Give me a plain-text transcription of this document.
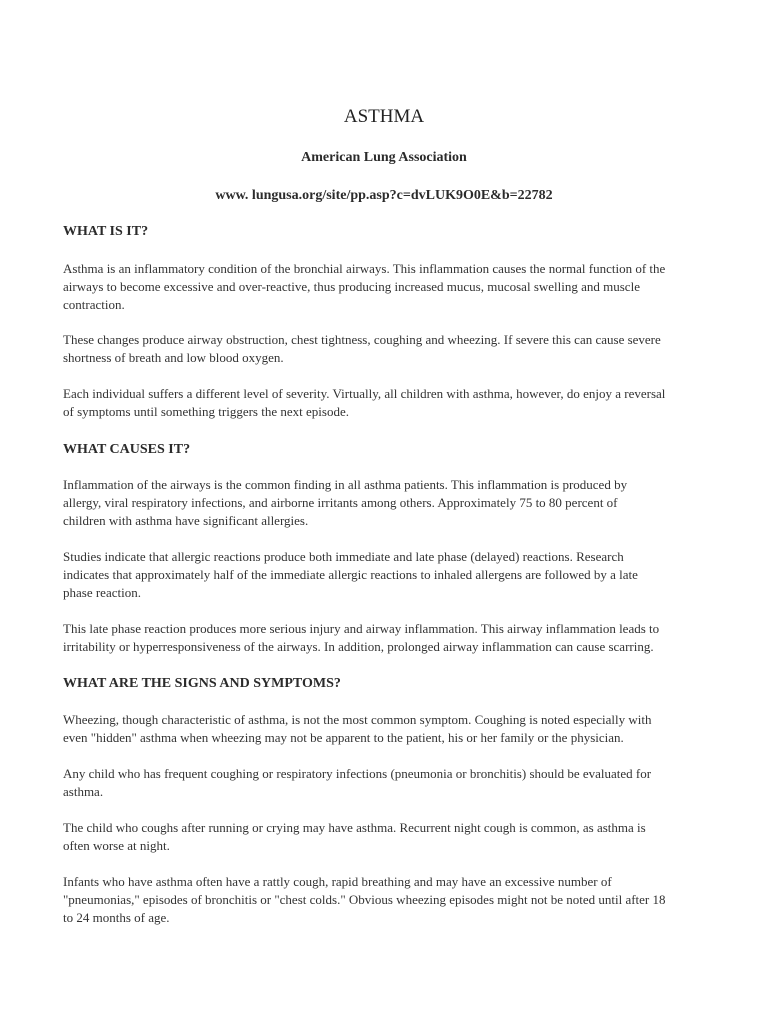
ASTHMA
American Lung Association
www. lungusa.org/site/pp.asp?c=dvLUK9O0E&b=22782
WHAT IS IT?
Asthma is an inflammatory condition of the bronchial airways. This inflammation causes the normal function of the
airways to become excessive and over-reactive, thus producing increased mucus, mucosal swelling and muscle
contraction.
These changes produce airway obstruction, chest tightness, coughing and wheezing. If severe this can cause severe
shortness of breath and low blood oxygen.
Each individual suffers a different level of severity. Virtually, all children with asthma, however, do enjoy a reversal
of symptoms until something triggers the next episode.
WHAT CAUSES IT?
Inflammation of the airways is the common finding in all asthma patients. This inflammation is produced by
allergy, viral respiratory infections, and airborne irritants among others. Approximately 75 to 80 percent of
children with asthma have significant allergies.
Studies indicate that allergic reactions produce both immediate and late phase (delayed) reactions. Research
indicates that approximately half of the immediate allergic reactions to inhaled allergens are followed by a late
phase reaction.
This late phase reaction produces more serious injury and airway inflammation. This airway inflammation leads to
irritability or hyperresponsiveness of the airways. In addition, prolonged airway inflammation can cause scarring.
WHAT ARE THE SIGNS AND SYMPTOMS?
Wheezing, though characteristic of asthma, is not the most common symptom. Coughing is noted especially with
even "hidden" asthma when wheezing may not be apparent to the patient, his or her family or the physician.
Any child who has frequent coughing or respiratory infections (pneumonia or bronchitis) should be evaluated for
asthma.
The child who coughs after running or crying may have asthma. Recurrent night cough is common, as asthma is
often worse at night.
Infants who have asthma often have a rattly cough, rapid breathing and may have an excessive number of
"pneumonias," episodes of bronchitis or "chest colds." Obvious wheezing episodes might not be noted until after 18
to 24 months of age.
